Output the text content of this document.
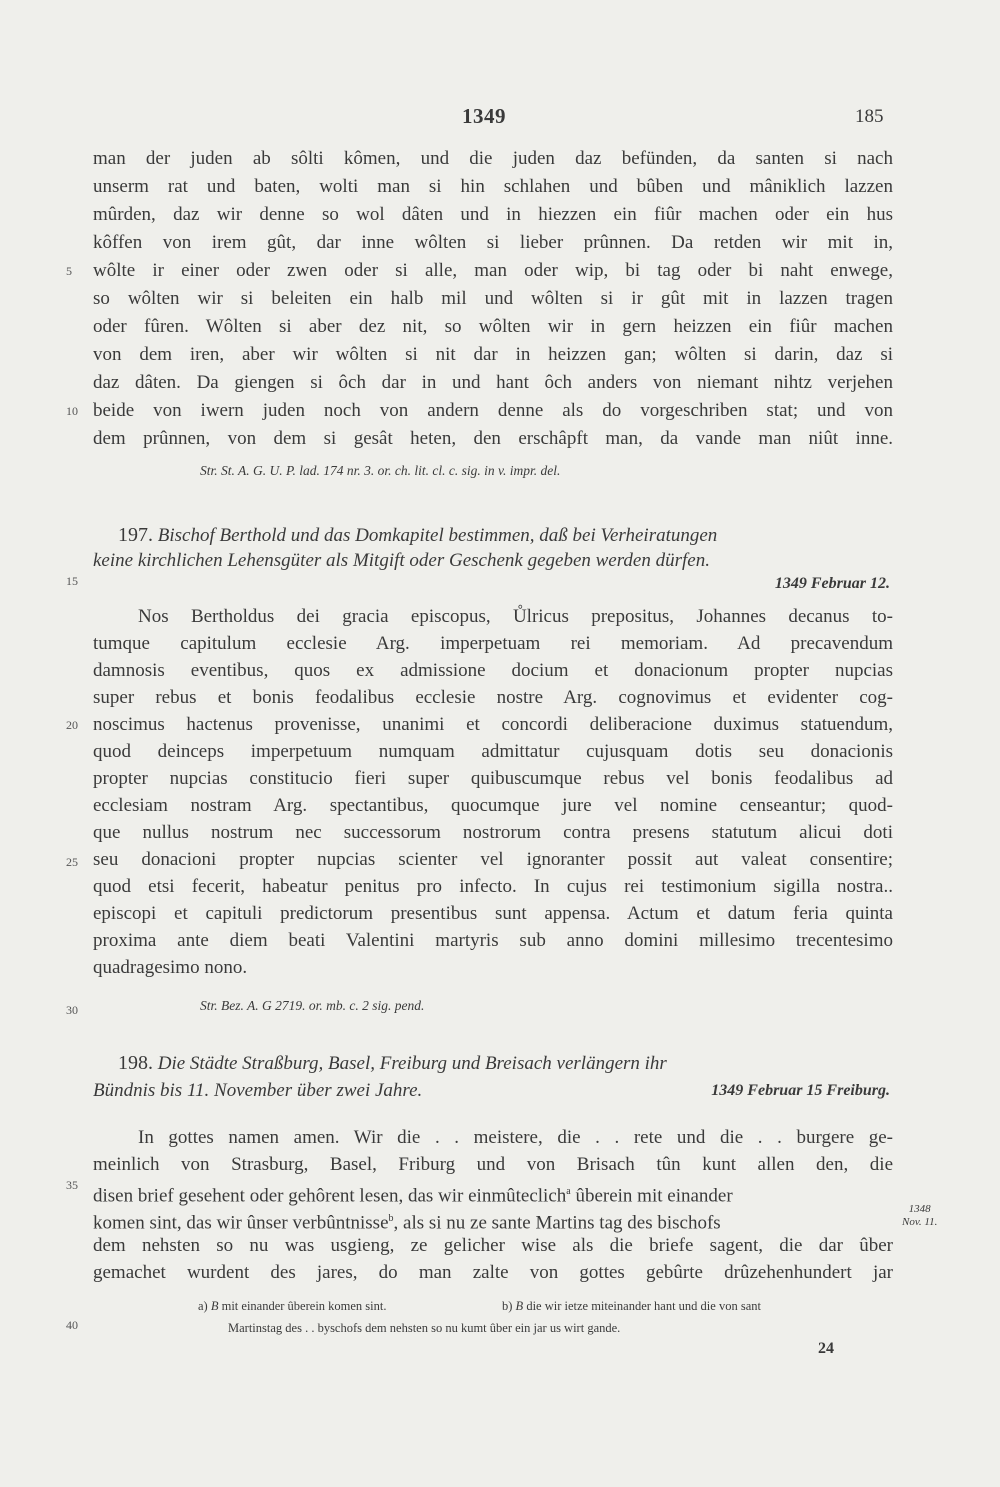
1349	185
man der juden ab sôlti kômen, und die juden daz befünden, da santen si nach
unserm rat und baten, wolti man si hin schlahen und bûben und mâniklich lazzen
mûrden, daz wir denne so wol dâten und in hiezzen ein fiûr machen oder ein hus
kôffen von irem gût, dar inne wôlten si lieber prûnnen. Da retden wir mit in,
wôlte ir einer oder zwen oder si alle, man oder wip, bi tag oder bi naht enwege,
so wôlten wir si beleiten ein halb mil und wôlten si ir gût mit in lazzen tragen
oder fûren. Wôlten si aber dez nit, so wôlten wir in gern heizzen ein fiûr machen
von dem iren, aber wir wôlten si nit dar in heizzen gan; wôlten si darin, daz si
daz dâten. Da giengen si ôch dar in und hant ôch anders von niemant nihtz verjehen
beide von iwern juden noch von andern denne als do vorgeschriben stat; und von
dem prûnnen, von dem si gesât heten, den erschâpft man, da vande man niût inne.
Str. St. A. G. U. P. lad. 174 nr. 3. or. ch. lit. cl. c. sig. in v. impr. del.
197. Bischof Berthold und das Domkapitel bestimmen, daß bei Verheiratungen
keine kirchlichen Lehensgüter als Mitgift oder Geschenk gegeben werden dürfen.
1349 Februar 12.
Nos Bertholdus dei gracia episcopus, Ůlricus prepositus, Johannes decanus to-
tumque capitulum ecclesie Arg. imperpetuam rei memoriam. Ad precavendum
damnosis eventibus, quos ex admissione docium et donacionum propter nupcias
super rebus et bonis feodalibus ecclesie nostre Arg. cognovimus et evidenter cog-
noscimus hactenus provenisse, unanimi et concordi deliberacione duximus statuendum,
quod deinceps imperpetuum numquam admittatur cujusquam dotis seu donacionis
propter nupcias constitucio fieri super quibuscumque rebus vel bonis feodalibus ad
ecclesiam nostram Arg. spectantibus, quocumque jure vel nomine censeantur; quod-
que nullus nostrum nec successorum nostrorum contra presens statutum alicui doti
seu donacioni propter nupcias scienter vel ignoranter possit aut valeat consentire;
quod etsi fecerit, habeatur penitus pro infecto. In cujus rei testimonium sigilla nostra..
episcopi et capituli predictorum presentibus sunt appensa. Actum et datum feria quinta
proxima ante diem beati Valentini martyris sub anno domini millesimo trecentesimo
quadragesimo nono.
Str. Bez. A. G 2719. or. mb. c. 2 sig. pend.
198. Die Städte Straßburg, Basel, Freiburg und Breisach verlängern ihr
Bündnis bis 11. November über zwei Jahre.	1349 Februar 15 Freiburg.
In gottes namen amen. Wir die . . meistere, die . . rete und die . . burgere ge-
meinlich von Strasburg, Basel, Friburg und von Brisach tûn kunt allen den, die
disen brief gesehent oder gehôrent lesen, das wir einmûteclich$^a$ ûberein mit einander
komen sint, das wir ûnser verbûntnisse$^b$, als si nu ze sante Martins tag des bischofs
dem nehsten so nu was usgieng, ze gelicher wise als die briefe sagent, die dar ûber
gemachet wurdent des jares, do man zalte von gottes gebûrte drûzehenhundert jar
1348
Nov. 11.
a) B mit einander ûberein komen sint.	b) B die wir ietze miteinander hant und die von sant
Martinstag des . . byschofs dem nehsten so nu kumt ûber ein jar us wirt gande.
24
5
10
15
20
25
30
35
40
